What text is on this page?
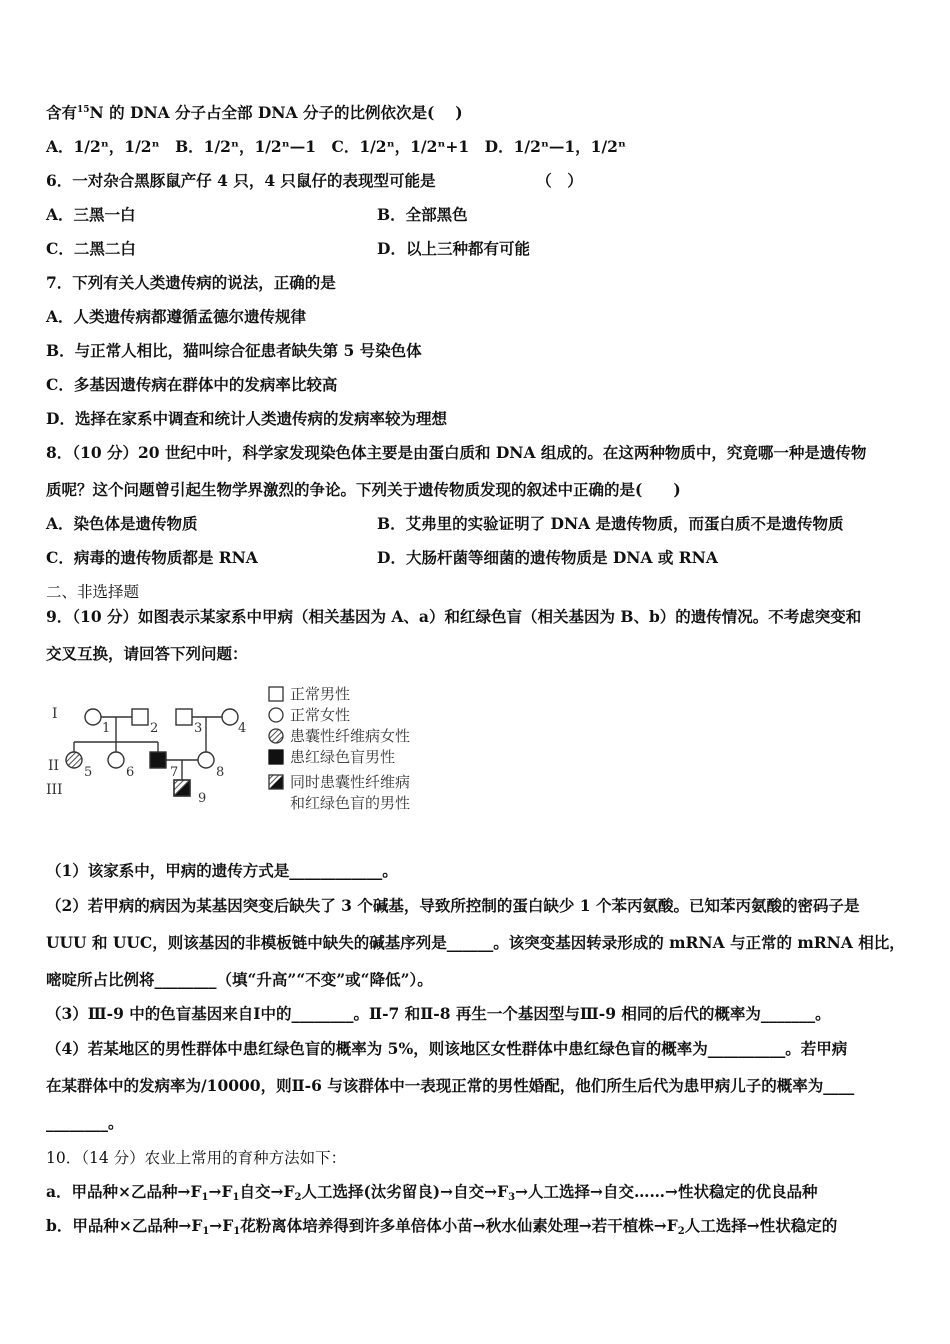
含有$^{15}$N 的 DNA 分子占全部 DNA 分子的比例依次是(　 )
A．1/2ⁿ，1/2ⁿ　B．1/2ⁿ，1/2ⁿ—1　C．1/2ⁿ，1/2ⁿ+1　D．1/2ⁿ—1，1/2ⁿ
6．一对杂合黑豚鼠产仔 4 只，4 只鼠仔的表现型可能是　　　　　　　（　）
A．三黑一白	B．全部黑色
C．二黑二白	D．以上三种都有可能
7．下列有关人类遗传病的说法，正确的是
A．人类遗传病都遵循孟德尔遗传规律
B．与正常人相比，猫叫综合征患者缺失第 5 号染色体
C．多基因遗传病在群体中的发病率比较高
D．选择在家系中调查和统计人类遗传病的发病率较为理想
8．（10 分）20 世纪中叶，科学家发现染色体主要是由蛋白质和 DNA 组成的。在这两种物质中，究竟哪一种是遗传物
质呢？这个问题曾引起生物学界激烈的争论。下列关于遗传物质发现的叙述中正确的是(　　)
A．染色体是遗传物质	B．艾弗里的实验证明了 DNA 是遗传物质，而蛋白质不是遗传物质
C．病毒的遗传物质都是 RNA	D．大肠杆菌等细菌的遗传物质是 DNA 或 RNA
二、非选择题
9．（10 分）如图表示某家系中甲病（相关基因为 A、a）和红绿色盲（相关基因为 B、b）的遗传情况。不考虑突变和
交叉互换，请回答下列问题：
I
II
III
1	2	3	4
5	6	7	8
9
正常男性
正常女性
患囊性纤维病女性
患红绿色盲男性
同时患囊性纤维病
和红绿色盲的男性
（1）该家系中，甲病的遗传方式是____________。
（2）若甲病的病因为某基因突变后缺失了 3 个碱基，导致所控制的蛋白缺少 1 个苯丙氨酸。已知苯丙氨酸的密码子是
UUU 和 UUC，则该基因的非模板链中缺失的碱基序列是______。该突变基因转录形成的 mRNA 与正常的 mRNA 相比，
嘧啶所占比例将________（填“升高”“不变”或“降低”）。
（3）Ⅲ-9 中的色盲基因来自Ⅰ中的________。Ⅱ-7 和Ⅱ-8 再生一个基因型与Ⅲ-9 相同的后代的概率为_______。
（4）若某地区的男性群体中患红绿色盲的概率为 5%，则该地区女性群体中患红绿色盲的概率为__________。若甲病
在某群体中的发病率为/10000，则Ⅱ-6 与该群体中一表现正常的男性婚配，他们所生后代为患甲病儿子的概率为____
________。
10．（14 分）农业上常用的育种方法如下：
a．甲品种×乙品种$\to F_1\to F_1$自交$\to F_2$人工选择(汰劣留良)→自交$\to F_3\to$人工选择→自交……→性状稳定的优良品种
b．甲品种×乙品种$\to F_1\to F_1$花粉离体培养得到许多单倍体小苗→秋水仙素处理→若干植株$\to F_2$人工选择→性状稳定的
